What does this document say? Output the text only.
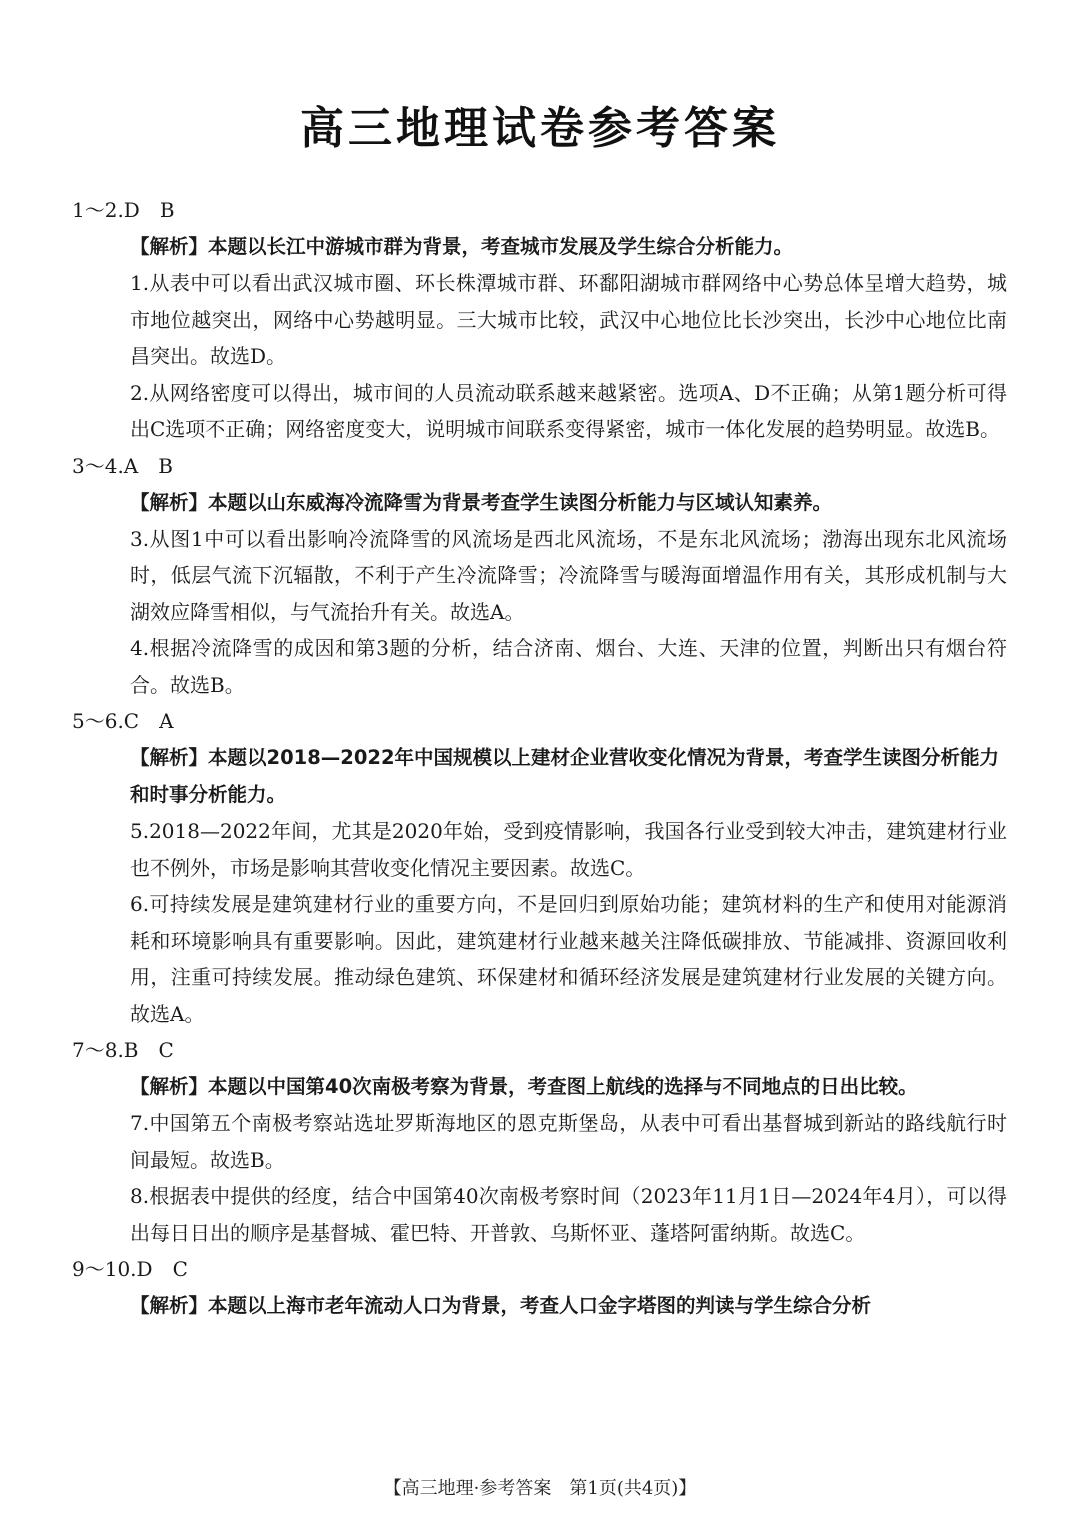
高三地理试卷参考答案
1～2.D　B
【解析】本题以长江中游城市群为背景，考查城市发展及学生综合分析能力。
1.从表中可以看出武汉城市圈、环长株潭城市群、环鄱阳湖城市群网络中心势总体呈增大趋势，城市地位越突出，网络中心势越明显。三大城市比较，武汉中心地位比长沙突出，长沙中心地位比南昌突出。故选D。
2.从网络密度可以得出，城市间的人员流动联系越来越紧密。选项A、D不正确；从第1题分析可得出C选项不正确；网络密度变大，说明城市间联系变得紧密，城市一体化发展的趋势明显。故选B。
3～4.A　B
【解析】本题以山东威海冷流降雪为背景考查学生读图分析能力与区域认知素养。
3.从图1中可以看出影响冷流降雪的风流场是西北风流场，不是东北风流场；渤海出现东北风流场时，低层气流下沉辐散，不利于产生冷流降雪；冷流降雪与暖海面增温作用有关，其形成机制与大湖效应降雪相似，与气流抬升有关。故选A。
4.根据冷流降雪的成因和第3题的分析，结合济南、烟台、大连、天津的位置，判断出只有烟台符合。故选B。
5～6.C　A
【解析】本题以2018—2022年中国规模以上建材企业营收变化情况为背景，考查学生读图分析能力和时事分析能力。
5.2018—2022年间，尤其是2020年始，受到疫情影响，我国各行业受到较大冲击，建筑建材行业也不例外，市场是影响其营收变化情况主要因素。故选C。
6.可持续发展是建筑建材行业的重要方向，不是回归到原始功能；建筑材料的生产和使用对能源消耗和环境影响具有重要影响。因此，建筑建材行业越来越关注降低碳排放、节能减排、资源回收利用，注重可持续发展。推动绿色建筑、环保建材和循环经济发展是建筑建材行业发展的关键方向。故选A。
7～8.B　C
【解析】本题以中国第40次南极考察为背景，考查图上航线的选择与不同地点的日出比较。
7.中国第五个南极考察站选址罗斯海地区的恩克斯堡岛，从表中可看出基督城到新站的路线航行时间最短。故选B。
8.根据表中提供的经度，结合中国第40次南极考察时间（2023年11月1日—2024年4月），可以得出每日日出的顺序是基督城、霍巴特、开普敦、乌斯怀亚、蓬塔阿雷纳斯。故选C。
9～10.D　C
【解析】本题以上海市老年流动人口为背景，考查人口金字塔图的判读与学生综合分析
【高三地理·参考答案　第1页(共4页)】
